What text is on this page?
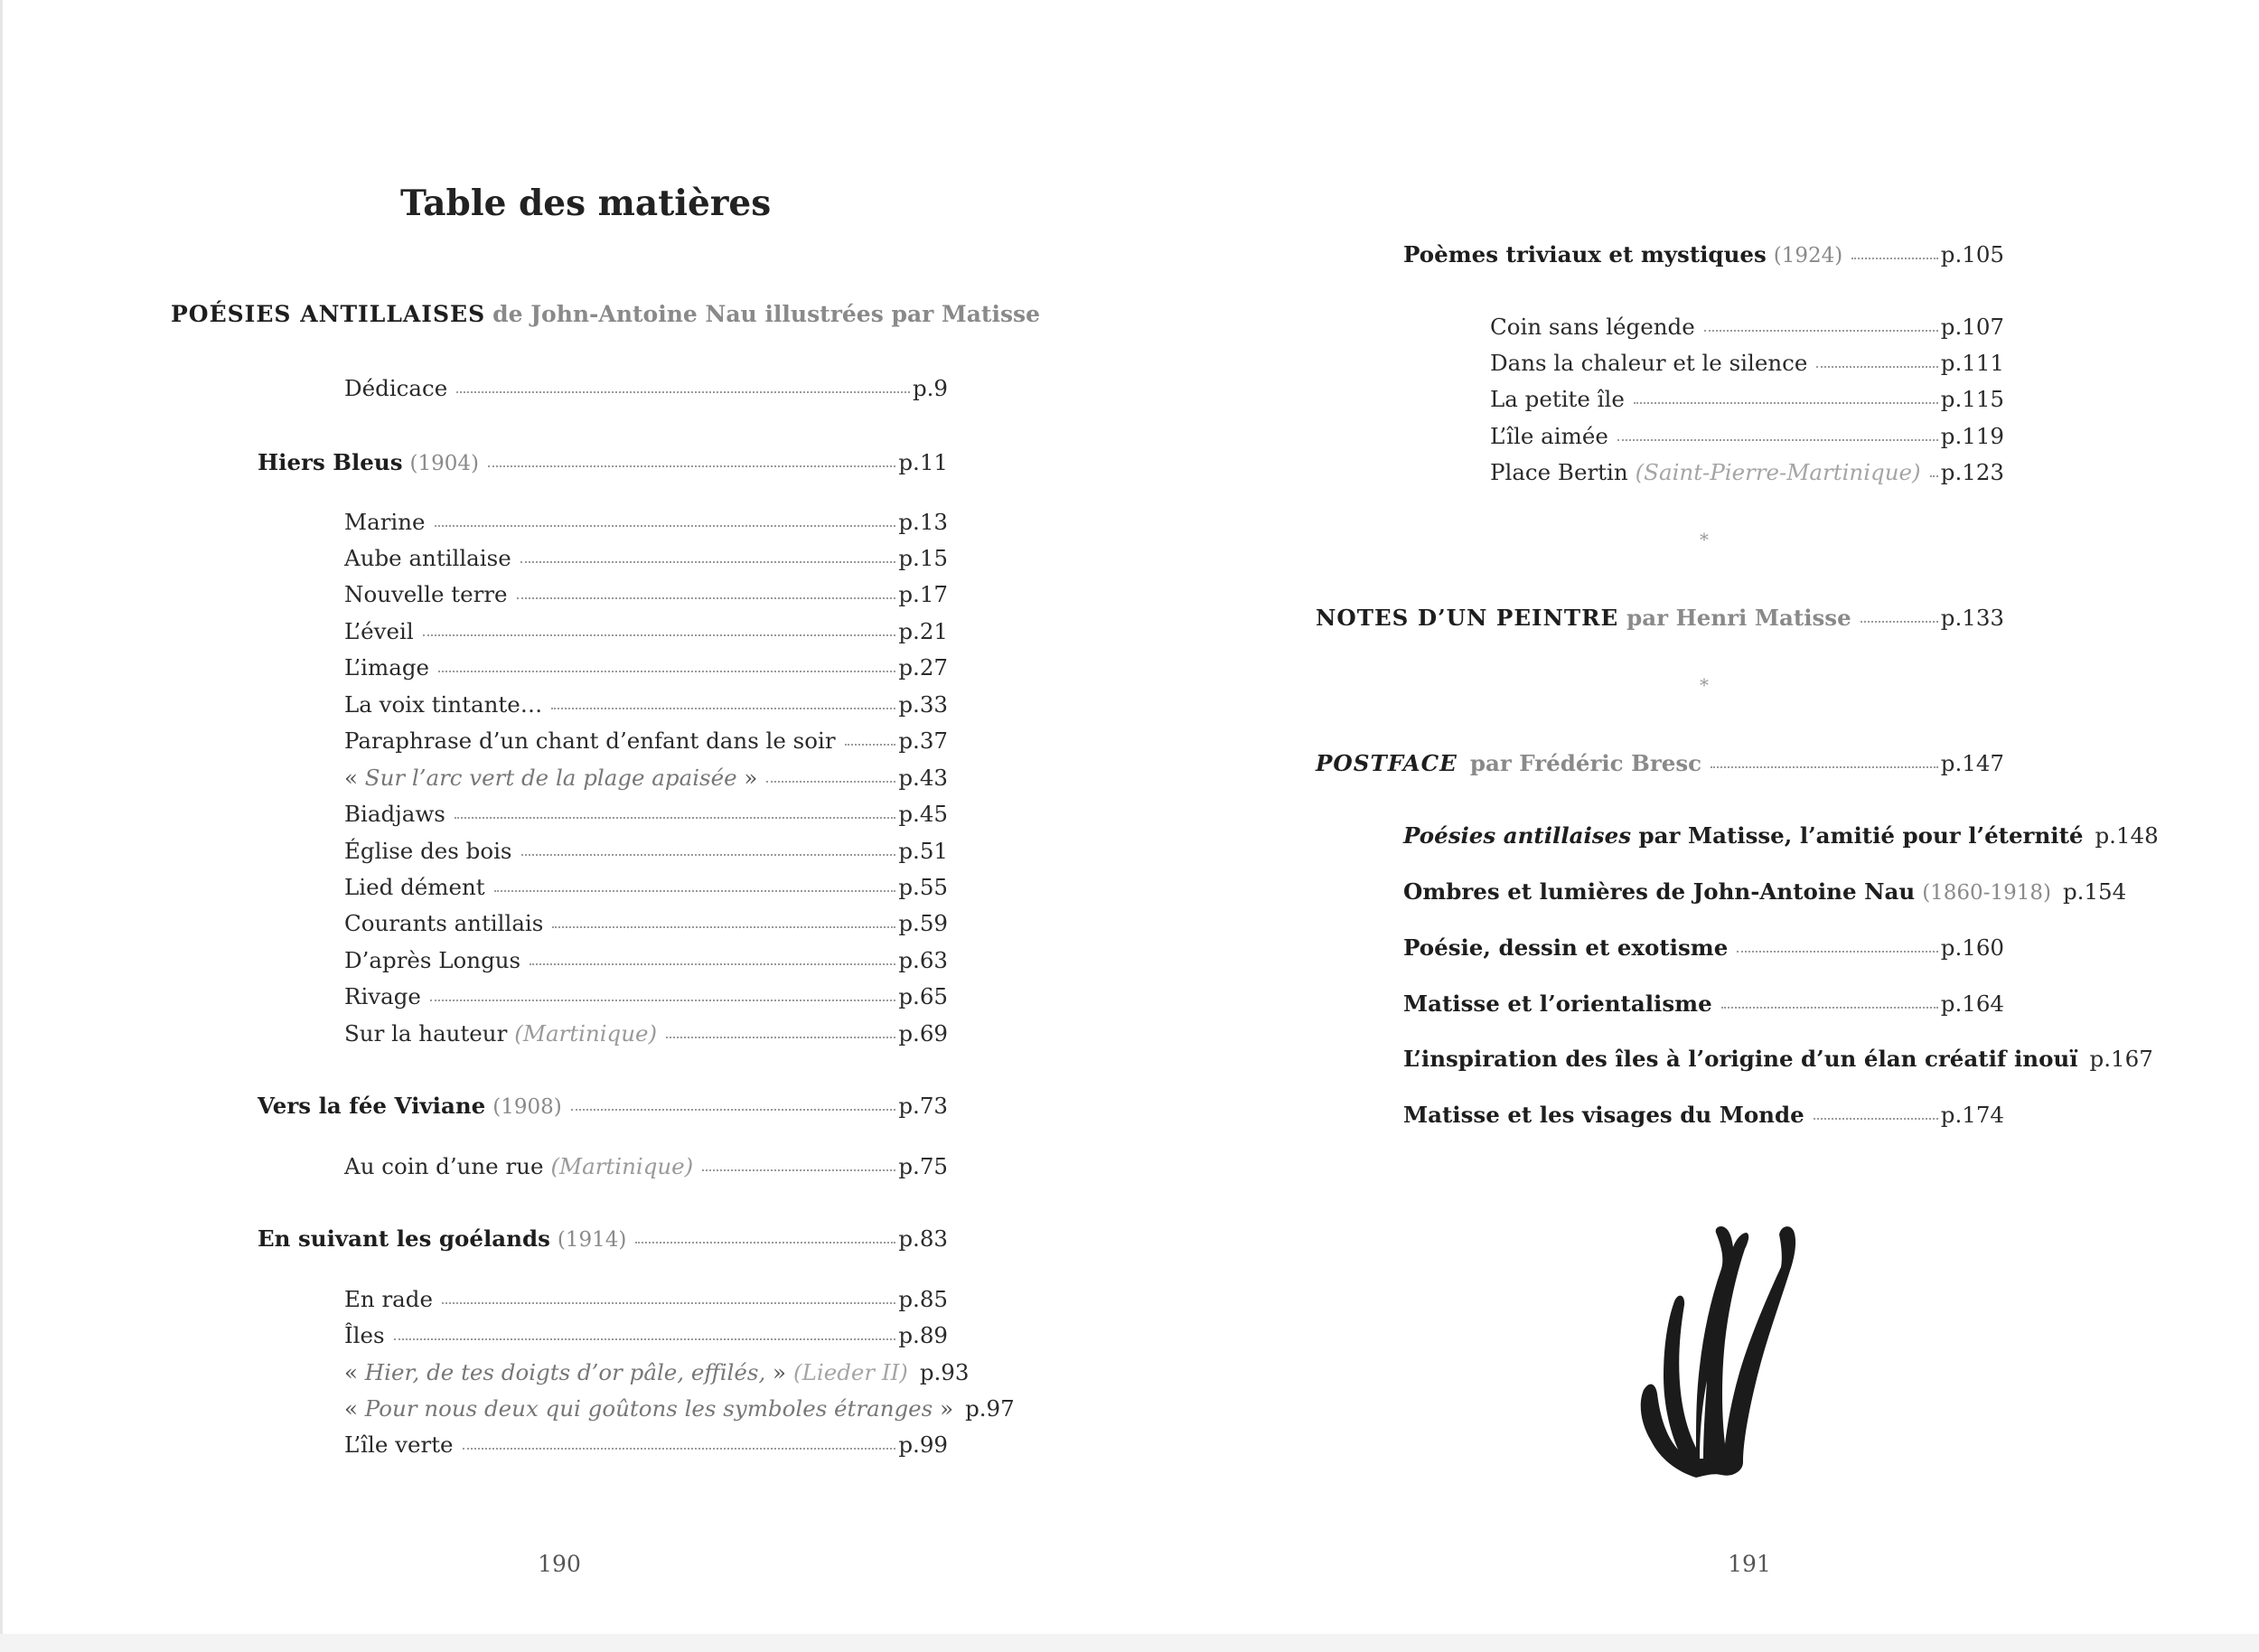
Table des matières
POÉSIES ANTILLAISES de John-Antoine Nau illustrées par Matisse
Dédicace	p.9
Hiers Bleus (1904)	p.11
Marine	p.13
Aube antillaise	p.15
Nouvelle terre	p.17
L’éveil	p.21
L’image	p.27
La voix tintante…	p.33
Paraphrase d’un chant d’enfant dans le soir	p.37
« Sur l’arc vert de la plage apaisée »	p.43
Biadjaws	p.45
Église des bois	p.51
Lied dément	p.55
Courants antillais	p.59
D’après Longus	p.63
Rivage	p.65
Sur la hauteur (Martinique)	p.69
Vers la fée Viviane (1908)	p.73
Au coin d’une rue (Martinique)	p.75
En suivant les goélands (1914)	p.83
En rade	p.85
Îles	p.89
« Hier, de tes doigts d’or pâle, effilés, » (Lieder II) p.93
« Pour nous deux qui goûtons les symboles étranges » p.97
L’île verte	p.99
190
Poèmes triviaux et mystiques (1924)	p.105
Coin sans légende	p.107
Dans la chaleur et le silence	p.111
La petite île	p.115
L’île aimée	p.119
Place Bertin (Saint-Pierre-Martinique) p.123
*
NOTES D’UN PEINTRE par Henri Matisse	p.133
*
POSTFACE par Frédéric Bresc	p.147
Poésies antillaises par Matisse, l’amitié pour l’éternité p.148
Ombres et lumières de John-Antoine Nau (1860-1918) p.154
Poésie, dessin et exotisme	p.160
Matisse et l’orientalisme	p.164
L’inspiration des îles à l’origine d’un élan créatif inouï p.167
Matisse et les visages du Monde	p.174
191
